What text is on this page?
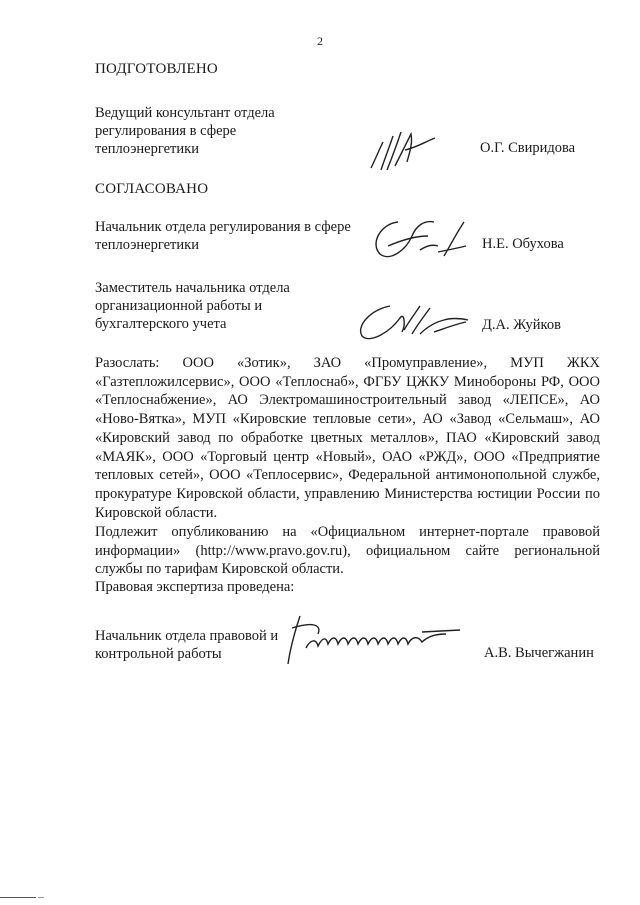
2
ПОДГОТОВЛЕНО
Ведущий консультант отдела регулирования в сфере теплоэнергетики	О.Г. Свиридова
СОГЛАСОВАНО
Начальник отдела регулирования в сфере теплоэнергетики	Н.Е. Обухова
Заместитель начальника отдела организационной работы и бухгалтерского учета	Д.А. Жуйков
Разослать: ООО «Зотик», ЗАО «Промуправление», МУП ЖКХ «Газтепложилсервис», ООО «Теплоснаб», ФГБУ ЦЖКУ Минобороны РФ, ООО «Теплоснабжение», АО Электромашиностроительный завод «ЛЕПСЕ», АО «Ново-Вятка», МУП «Кировские тепловые сети», АО «Завод «Сельмаш», АО «Кировский завод по обработке цветных металлов», ПАО «Кировский завод «МАЯК», ООО «Торговый центр «Новый», ОАО «РЖД», ООО «Предприятие тепловых сетей», ООО «Теплосервис», Федеральной антимонопольной службе, прокуратуре Кировской области, управлению Министерства юстиции России по Кировской области.
Подлежит опубликованию на «Официальном интернет-портале правовой информации» (http://www.pravo.gov.ru), официальном сайте региональной службы по тарифам Кировской области.
Правовая экспертиза проведена:
Начальник отдела правовой и контрольной работы	А.В. Вычегжанин
